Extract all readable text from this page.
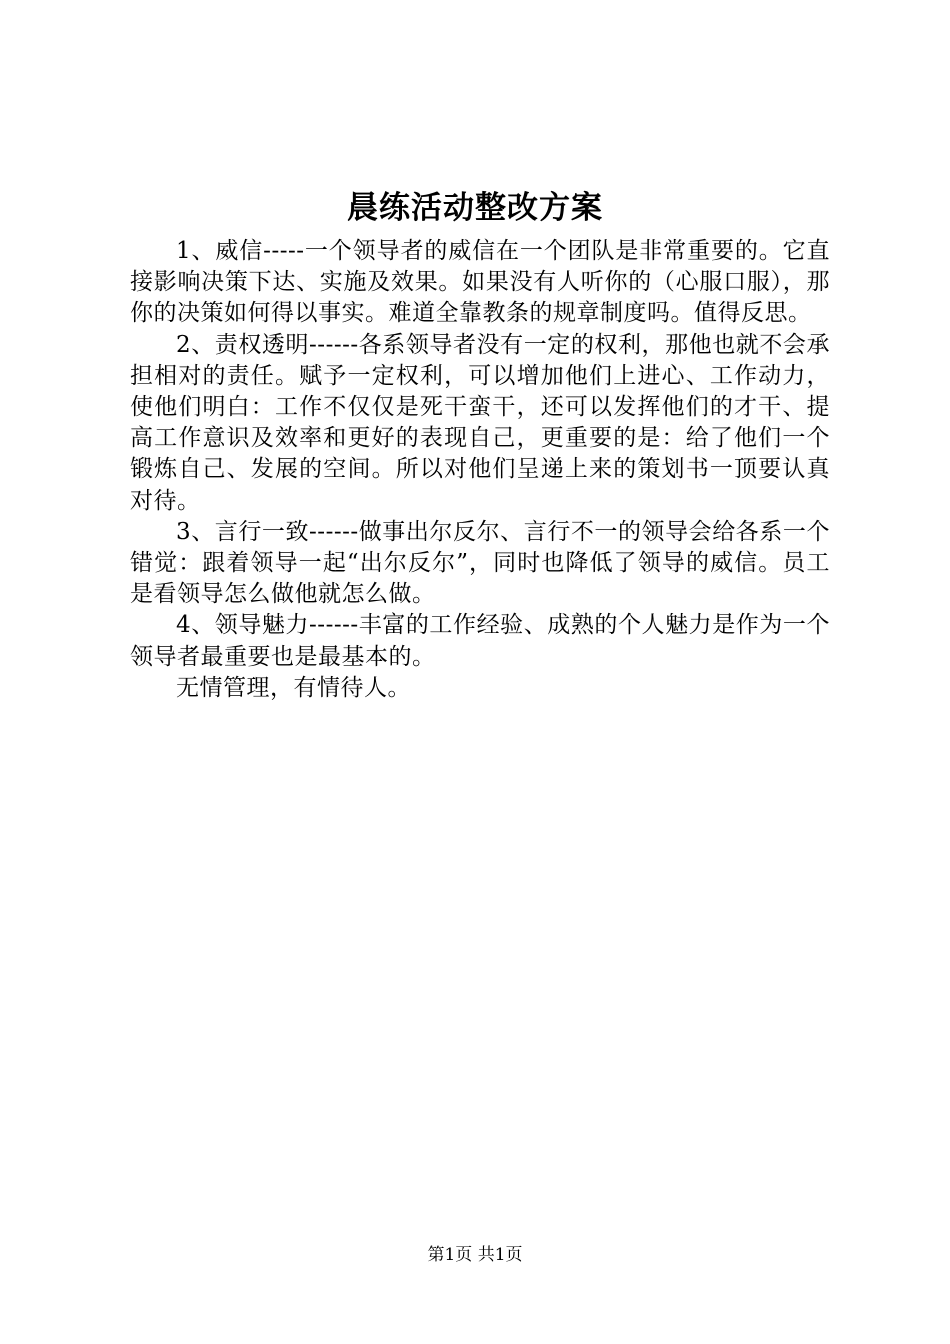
晨练活动整改方案

1、威信-----一个领导者的威信在一个团队是非常重要的。它直接影响决策下达、实施及效果。如果没有人听你的（心服口服），那你的决策如何得以事实。难道全靠教条的规章制度吗。值得反思。

2、责权透明------各系领导者没有一定的权利，那他也就不会承担相对的责任。赋予一定权利，可以增加他们上进心、工作动力，使他们明白：工作不仅仅是死干蛮干，还可以发挥他们的才干、提高工作意识及效率和更好的表现自己，更重要的是：给了他们一个锻炼自己、发展的空间。所以对他们呈递上来的策划书一顶要认真对待。

3、言行一致------做事出尔反尔、言行不一的领导会给各系一个错觉：跟着领导一起“出尔反尔”，同时也降低了领导的威信。员工是看领导怎么做他就怎么做。

4、领导魅力------丰富的工作经验、成熟的个人魅力是作为一个领导者最重要也是最基本的。

无情管理，有情待人。

第1页 共1页
